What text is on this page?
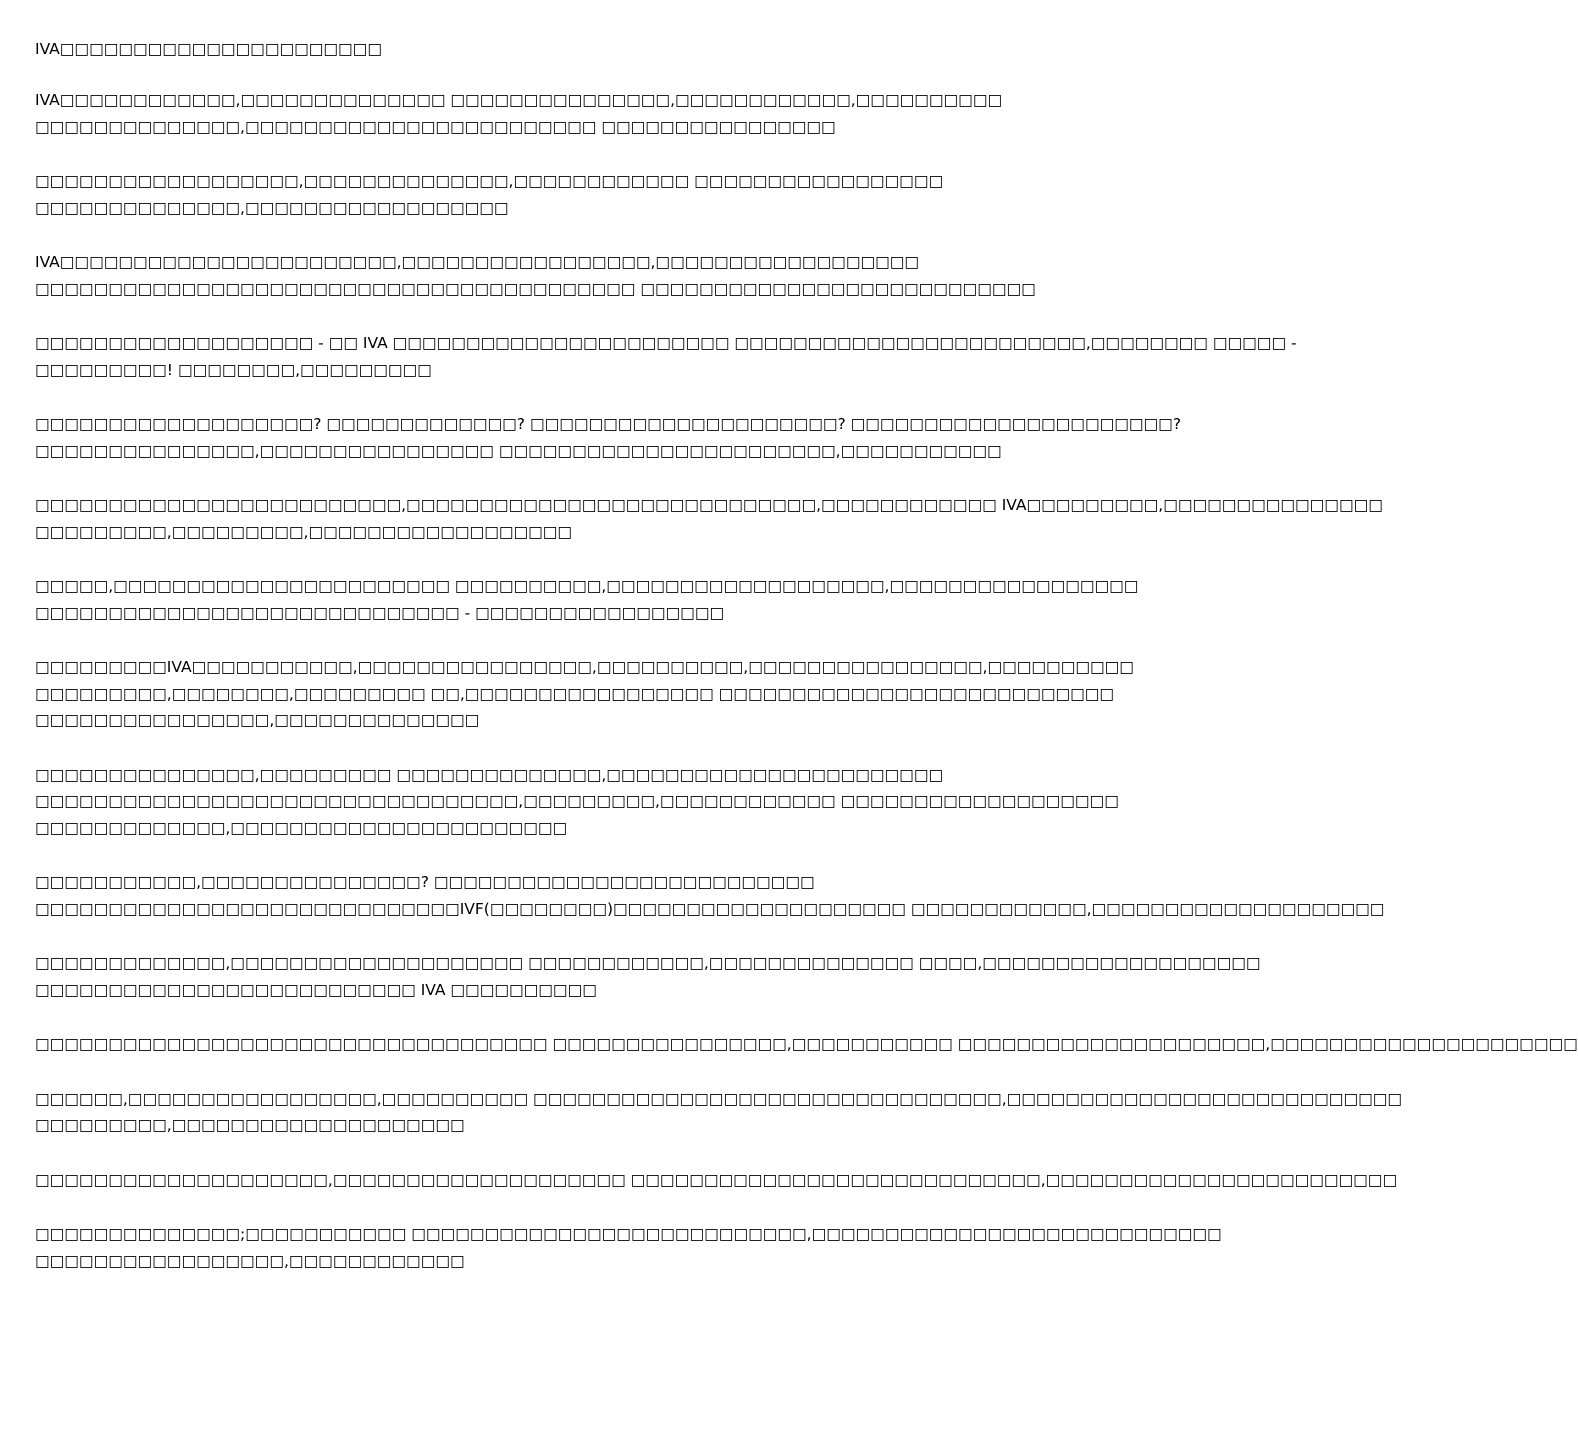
IVA□□□□□□□□□□□□□□□□□□□□□□
IVA□□□□□□□□□□□□,□□□□□□□□□□□□□□ □□□□□□□□□□□□□□□,□□□□□□□□□□□□,□□□□□□□□□□
□□□□□□□□□□□□□□,□□□□□□□□□□□□□□□□□□□□□□□□ □□□□□□□□□□□□□□□□
□□□□□□□□□□□□□□□□□□,□□□□□□□□□□□□□□,□□□□□□□□□□□□ □□□□□□□□□□□□□□□□□
□□□□□□□□□□□□□□,□□□□□□□□□□□□□□□□□□
IVA□□□□□□□□□□□□□□□□□□□□□□□,□□□□□□□□□□□□□□□□□,□□□□□□□□□□□□□□□□□□
□□□□□□□□□□□□□□□□□□□□□□□□□□□□□□□□□□□□□□□□□ □□□□□□□□□□□□□□□□□□□□□□□□□□□
□□□□□□□□□□□□□□□□□□□ - □□ IVA □□□□□□□□□□□□□□□□□□□□□□□ □□□□□□□□□□□□□□□□□□□□□□□□,□□□□□□□□ □□□□□ -
□□□□□□□□□! □□□□□□□□,□□□□□□□□□
□□□□□□□□□□□□□□□□□□□? □□□□□□□□□□□□□? □□□□□□□□□□□□□□□□□□□□□? □□□□□□□□□□□□□□□□□□□□□□?
□□□□□□□□□□□□□□□,□□□□□□□□□□□□□□□□ □□□□□□□□□□□□□□□□□□□□□□□,□□□□□□□□□□□
□□□□□□□□□□□□□□□□□□□□□□□□□,□□□□□□□□□□□□□□□□□□□□□□□□□□□□,□□□□□□□□□□□□ IVA□□□□□□□□□,□□□□□□□□□□□□□□□
□□□□□□□□□,□□□□□□□□□,□□□□□□□□□□□□□□□□□□
□□□□□,□□□□□□□□□□□□□□□□□□□□□□□ □□□□□□□□□□,□□□□□□□□□□□□□□□□□□□,□□□□□□□□□□□□□□□□□
□□□□□□□□□□□□□□□□□□□□□□□□□□□□□ - □□□□□□□□□□□□□□□□□
□□□□□□□□□IVA□□□□□□□□□□□,□□□□□□□□□□□□□□□□,□□□□□□□□□□,□□□□□□□□□□□□□□□□,□□□□□□□□□□
□□□□□□□□□,□□□□□□□□,□□□□□□□□□ □□,□□□□□□□□□□□□□□□□□ □□□□□□□□□□□□□□□□□□□□□□□□□□□
□□□□□□□□□□□□□□□□,□□□□□□□□□□□□□□
□□□□□□□□□□□□□□□,□□□□□□□□□ □□□□□□□□□□□□□□,□□□□□□□□□□□□□□□□□□□□□□□
□□□□□□□□□□□□□□□□□□□□□□□□□□□□□□□□□,□□□□□□□□□,□□□□□□□□□□□□ □□□□□□□□□□□□□□□□□□□
□□□□□□□□□□□□□,□□□□□□□□□□□□□□□□□□□□□□□
□□□□□□□□□□□,□□□□□□□□□□□□□□□? □□□□□□□□□□□□□□□□□□□□□□□□□□
□□□□□□□□□□□□□□□□□□□□□□□□□□□□□IVF(□□□□□□□□)□□□□□□□□□□□□□□□□□□□□ □□□□□□□□□□□□,□□□□□□□□□□□□□□□□□□□□
□□□□□□□□□□□□□,□□□□□□□□□□□□□□□□□□□□ □□□□□□□□□□□□,□□□□□□□□□□□□□□ □□□□,□□□□□□□□□□□□□□□□□□□
□□□□□□□□□□□□□□□□□□□□□□□□□□ IVA □□□□□□□□□□
□□□□□□□□□□□□□□□□□□□□□□□□□□□□□□□□□□□ □□□□□□□□□□□□□□□□,□□□□□□□□□□□ □□□□□□□□□□□□□□□□□□□□□,□□□□□□□□□□□□□□□□□□□□□
□□□□□□,□□□□□□□□□□□□□□□□□,□□□□□□□□□□ □□□□□□□□□□□□□□□□□□□□□□□□□□□□□□□□,□□□□□□□□□□□□□□□□□□□□□□□□□□□
□□□□□□□□□,□□□□□□□□□□□□□□□□□□□□
□□□□□□□□□□□□□□□□□□□□,□□□□□□□□□□□□□□□□□□□□ □□□□□□□□□□□□□□□□□□□□□□□□□□□□,□□□□□□□□□□□□□□□□□□□□□□□□
□□□□□□□□□□□□□□;□□□□□□□□□□□ □□□□□□□□□□□□□□□□□□□□□□□□□□□,□□□□□□□□□□□□□□□□□□□□□□□□□□□□
□□□□□□□□□□□□□□□□□,□□□□□□□□□□□□
